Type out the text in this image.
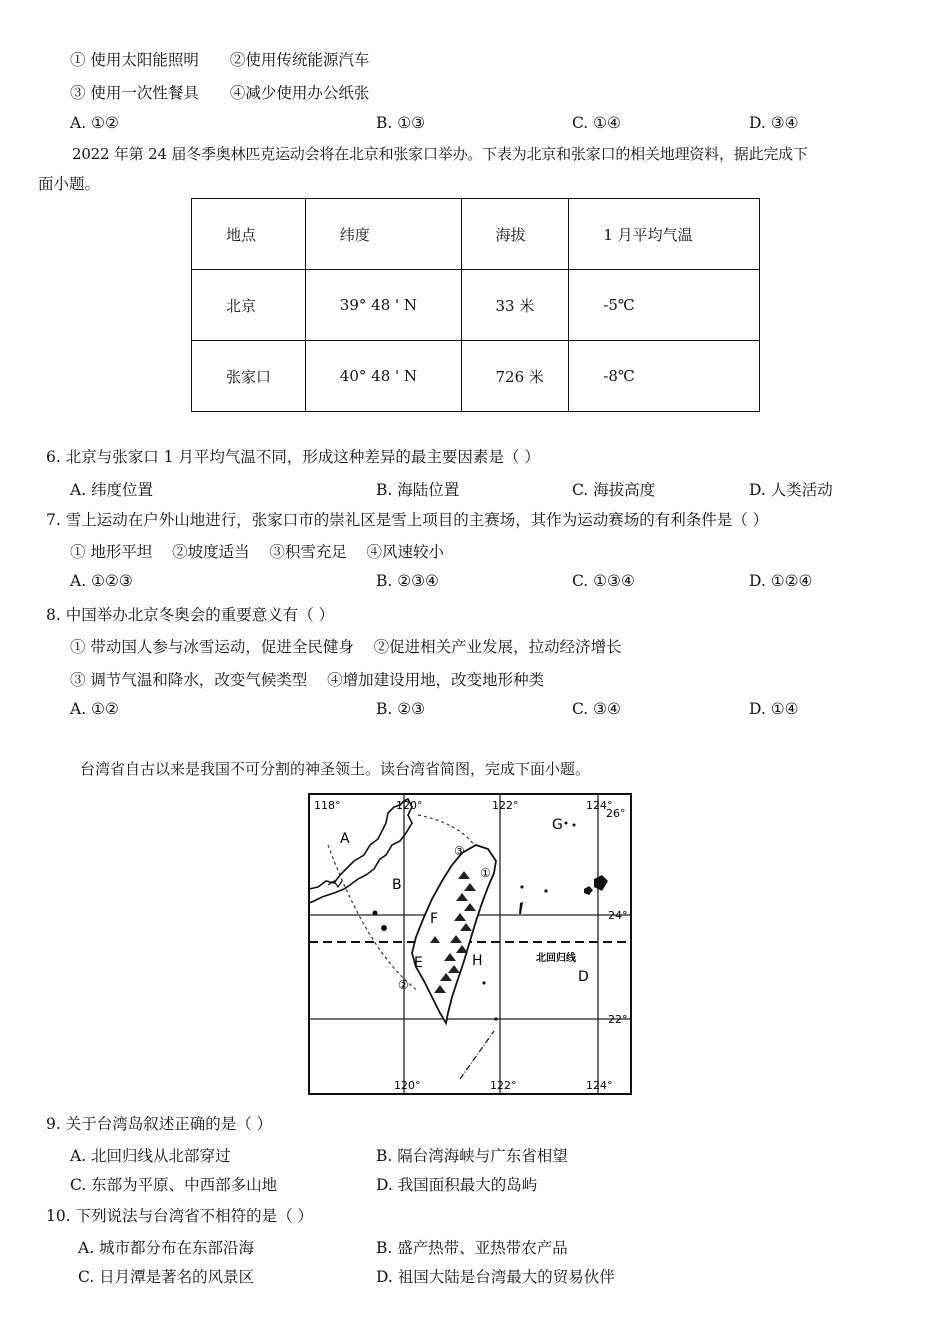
① 使用太阳能照明 ②使用传统能源汽车
③ 使用一次性餐具 ④减少使用办公纸张
A. ①②	B. ①③	C. ①④	D. ③④
2022 年第 24 届冬季奥林匹克运动会将在北京和张家口举办。下表为北京和张家口的相关地理资料，据此完成下
面小题。
地点	纬度	海拔	1 月平均气温
北京	39° 48 ' N	33 米	-5℃
张家口	40° 48 ' N	726 米	-8℃
6. 北京与张家口 1 月平均气温不同，形成这种差异的最主要因素是（ ）
A. 纬度位置	B. 海陆位置	C. 海拔高度	D. 人类活动
7. 雪上运动在户外山地进行，张家口市的崇礼区是雪上项目的主赛场，其作为运动赛场的有利条件是（ ）
① 地形平坦    ②坡度适当    ③积雪充足    ④风速较小
A. ①②③	B. ②③④	C. ①③④	D. ①②④
8. 中国举办北京冬奥会的重要意义有（ ）
① 带动国人参与冰雪运动，促进全民健身    ②促进相关产业发展，拉动经济增长
③ 调节气温和降水，改变气候类型    ④增加建设用地，改变地形种类
A. ①②	B. ②③	C. ③④	D. ①④
台湾省自古以来是我国不可分割的神圣领土。读台湾省简图，完成下面小题。
北回归线
118°	120°	122°	124°
120°	122°	124°
26°
24°
22°
A
B
F
E	H
D
G
①
②
③
9. 关于台湾岛叙述正确的是（ ）
A. 北回归线从北部穿过	B. 隔台湾海峡与广东省相望
C. 东部为平原、中西部多山地	D. 我国面积最大的岛屿
10. 下列说法与台湾省不相符的是（ ）
A. 城市都分布在东部沿海	B. 盛产热带、亚热带农产品
C. 日月潭是著名的风景区	D. 祖国大陆是台湾最大的贸易伙伴
